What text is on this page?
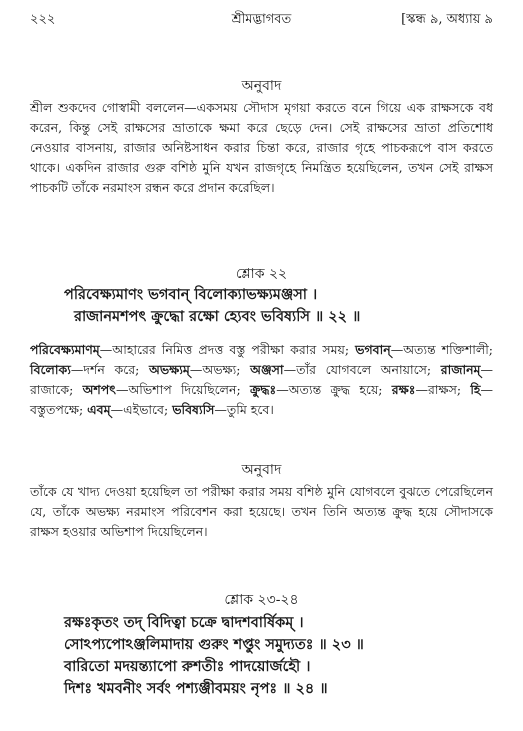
২২২	শ্রীমদ্ভাগবত	[স্কন্ধ ৯, অধ্যায় ৯
অনুবাদ

শ্রীল শুকদেব গোস্বামী বললেন—একসময় সৌদাস মৃগয়া করতে বনে গিয়ে এক রাক্ষসকে বধ করেন, কিন্তু সেই রাক্ষসের ভ্রাতাকে ক্ষমা করে ছেড়ে দেন। সেই রাক্ষসের ভ্রাতা প্রতিশোধ নেওয়ার বাসনায়, রাজার অনিষ্টসাধন করার চিন্তা করে, রাজার গৃহে পাচকরূপে বাস করতে থাকে। একদিন রাজার গুরু বশিষ্ঠ মুনি যখন রাজগৃহে নিমন্ত্রিত হয়েছিলেন, তখন সেই রাক্ষস পাচকটি তাঁকে নরমাংস রন্ধন করে প্রদান করেছিল।

শ্লোক ২২
পরিবেক্ষ্যমাণং ভগবান্ বিলোক্যাভক্ষ্যমঞ্জসা ।
রাজানমশপৎ ক্রুদ্ধো রক্ষো হ্যেবং ভবিষ্যসি ॥ ২২ ॥

পরিবেক্ষ্যমাণম্—আহারের নিমিত্ত প্রদত্ত বস্তু পরীক্ষা করার সময়; ভগবান্—অত্যন্ত শক্তিশালী; বিলোক্য—দর্শন করে; অভক্ষ্যম্—অভক্ষ্য; অঞ্জসা—তাঁর যোগবলে অনায়াসে; রাজানম্—রাজাকে; অশপৎ—অভিশাপ দিয়েছিলেন; ক্রুদ্ধঃ—অত্যন্ত ক্রুদ্ধ হয়ে; রক্ষঃ—রাক্ষস; হি—বস্তুতপক্ষে; এবম্—এইভাবে; ভবিষ্যসি—তুমি হবে।

অনুবাদ

তাঁকে যে খাদ্য দেওয়া হয়েছিল তা পরীক্ষা করার সময় বশিষ্ঠ মুনি যোগবলে বুঝতে পেরেছিলেন যে, তাঁকে অভক্ষ্য নরমাংস পরিবেশন করা হয়েছে। তখন তিনি অত্যন্ত ক্রুদ্ধ হয়ে সৌদাসকে রাক্ষস হওয়ার অভিশাপ দিয়েছিলেন।

শ্লোক ২৩-২৪
রক্ষঃকৃতং তদ্ বিদিত্বা চক্রে দ্বাদশবার্ষিকম্ ।
সোঽপ্যপোঽঞ্জলিমাদায় গুরুং শপ্তুং সমুদ্যতঃ ॥ ২৩ ॥
বারিতো মদয়ন্ত্যাপো রুশতীঃ পাদয়োর্জহৌ ।
দিশঃ খমবনীং সর্বং পশ্যঞ্জীবময়ং নৃপঃ ॥ ২৪ ॥
